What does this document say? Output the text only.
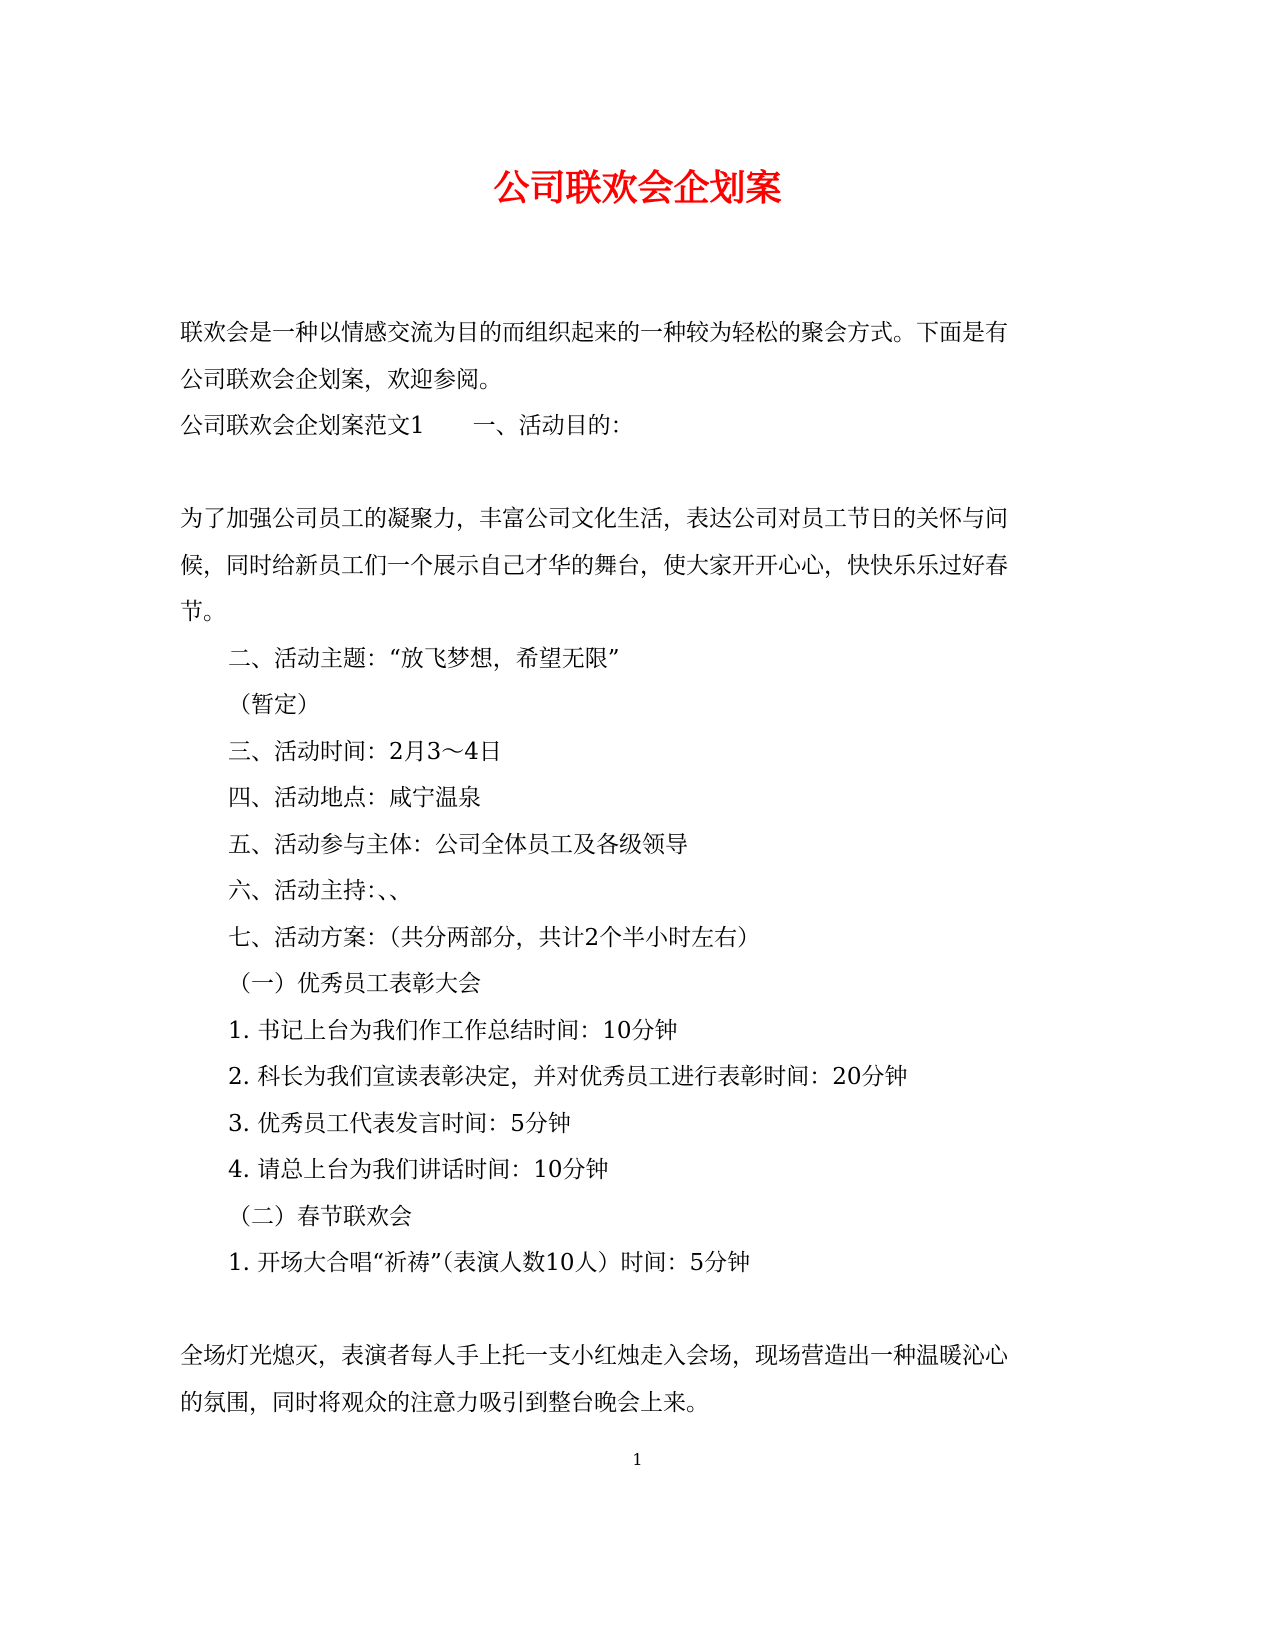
公司联欢会企划案
联欢会是一种以情感交流为目的而组织起来的一种较为轻松的聚会方式。下面是有
公司联欢会企划案，欢迎参阅。
公司联欢会企划案范文1 一、活动目的：
为了加强公司员工的凝聚力，丰富公司文化生活，表达公司对员工节日的关怀与问
候，同时给新员工们一个展示自己才华的舞台，使大家开开心心，快快乐乐过好春
节。
二、活动主题：“放飞梦想，希望无限”
（暂定）
三、活动时间：2月3～4日
四、活动地点：咸宁温泉
五、活动参与主体：公司全体员工及各级领导
六、活动主持：、、
七、活动方案：（共分两部分，共计2个半小时左右）
（一）优秀员工表彰大会
1. 书记上台为我们作工作总结时间：10分钟
2. 科长为我们宣读表彰决定，并对优秀员工进行表彰时间：20分钟
3. 优秀员工代表发言时间：5分钟
4. 请总上台为我们讲话时间：10分钟
（二）春节联欢会
1. 开场大合唱“祈祷”（表演人数10人）时间：5分钟
全场灯光熄灭，表演者每人手上托一支小红烛走入会场，现场营造出一种温暖沁心
的氛围，同时将观众的注意力吸引到整台晚会上来。
1
